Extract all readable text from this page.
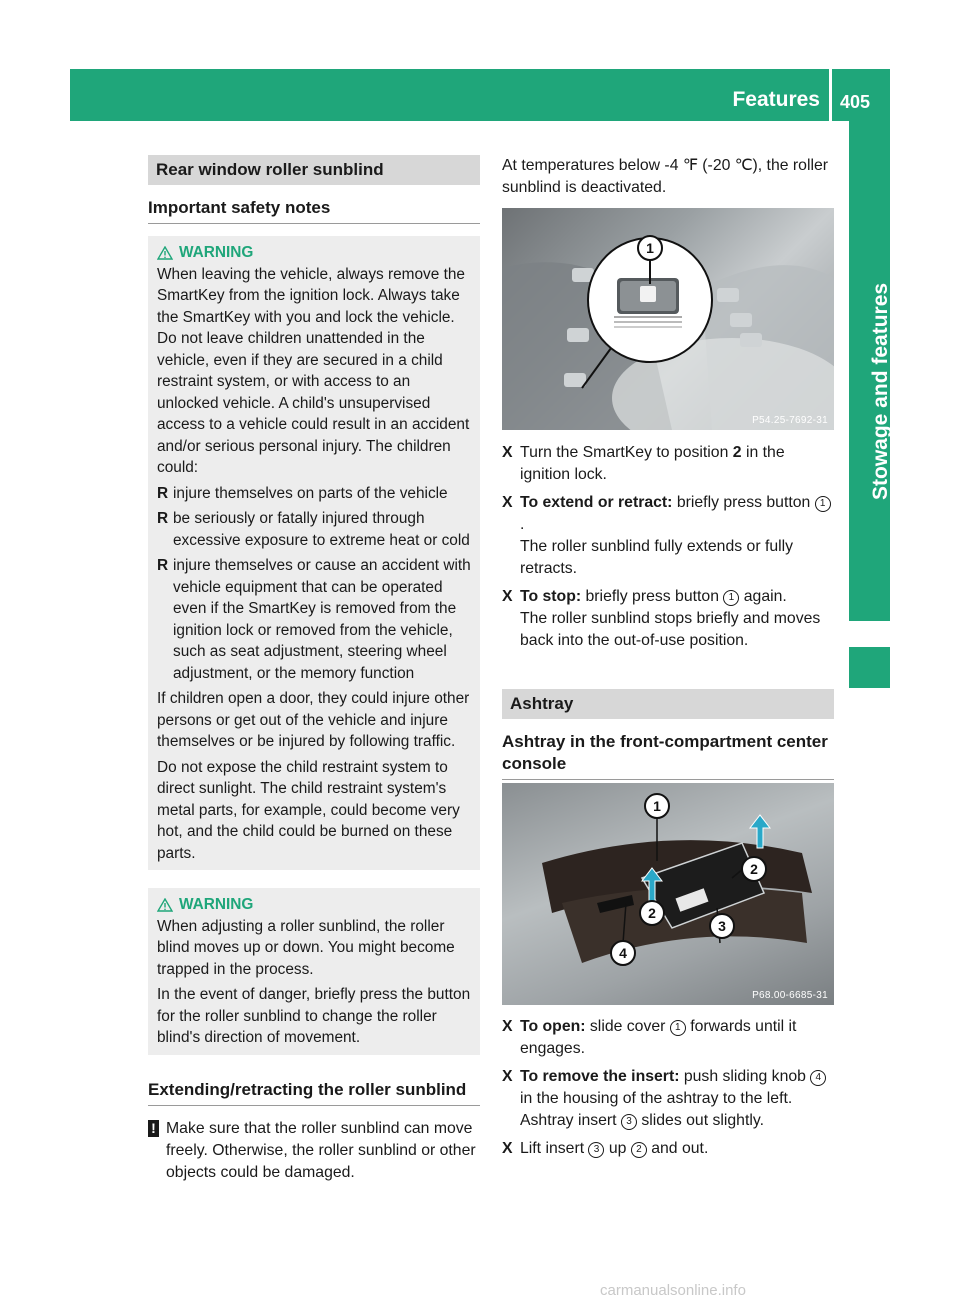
Features 405
Stowage and features
Rear window roller sunblind
Important safety notes
WARNING

When leaving the vehicle, always remove the SmartKey from the ignition lock. Always take the SmartKey with you and lock the vehicle. Do not leave children unattended in the vehicle, even if they are secured in a child restraint system, or with access to an unlocked vehicle. A child's unsupervised access to a vehicle could result in an accident and/or serious personal injury. The children could:

R injure themselves on parts of the vehicle
R be seriously or fatally injured through excessive exposure to extreme heat or cold
R injure themselves or cause an accident with vehicle equipment that can be operated even if the SmartKey is removed from the ignition lock or removed from the vehicle, such as seat adjustment, steering wheel adjustment, or the memory function

If children open a door, they could injure other persons or get out of the vehicle and injure themselves or be injured by following traffic.

Do not expose the child restraint system to direct sunlight. The child restraint system's metal parts, for example, could become very hot, and the child could be burned on these parts.

WARNING

When adjusting a roller sunblind, the roller blind moves up or down. You might become trapped in the process.

In the event of danger, briefly press the button for the roller sunblind to change the roller blind's direction of movement.

Extending/retracting the roller sunblind
! Make sure that the roller sunblind can move freely. Otherwise, the roller sunblind or other objects could be damaged.
At temperatures below -4 ℉ (-20 ℃), the roller sunblind is deactivated.
1
P54.25-7692-31
X Turn the SmartKey to position 2 in the ignition lock.
X To extend or retract: briefly press button 1.
The roller sunblind fully extends or fully retracts.
X To stop: briefly press button 1 again.
The roller sunblind stops briefly and moves back into the out-of-use position.
Ashtray
Ashtray in the front-compartment center console
1
2
2
3
4
P68.00-6685-31
X To open: slide cover 1 forwards until it engages.
X To remove the insert: push sliding knob 4 in the housing of the ashtray to the left.
Ashtray insert 3 slides out slightly.
X Lift insert 3 up 2 and out.
carmanualsonline.info
